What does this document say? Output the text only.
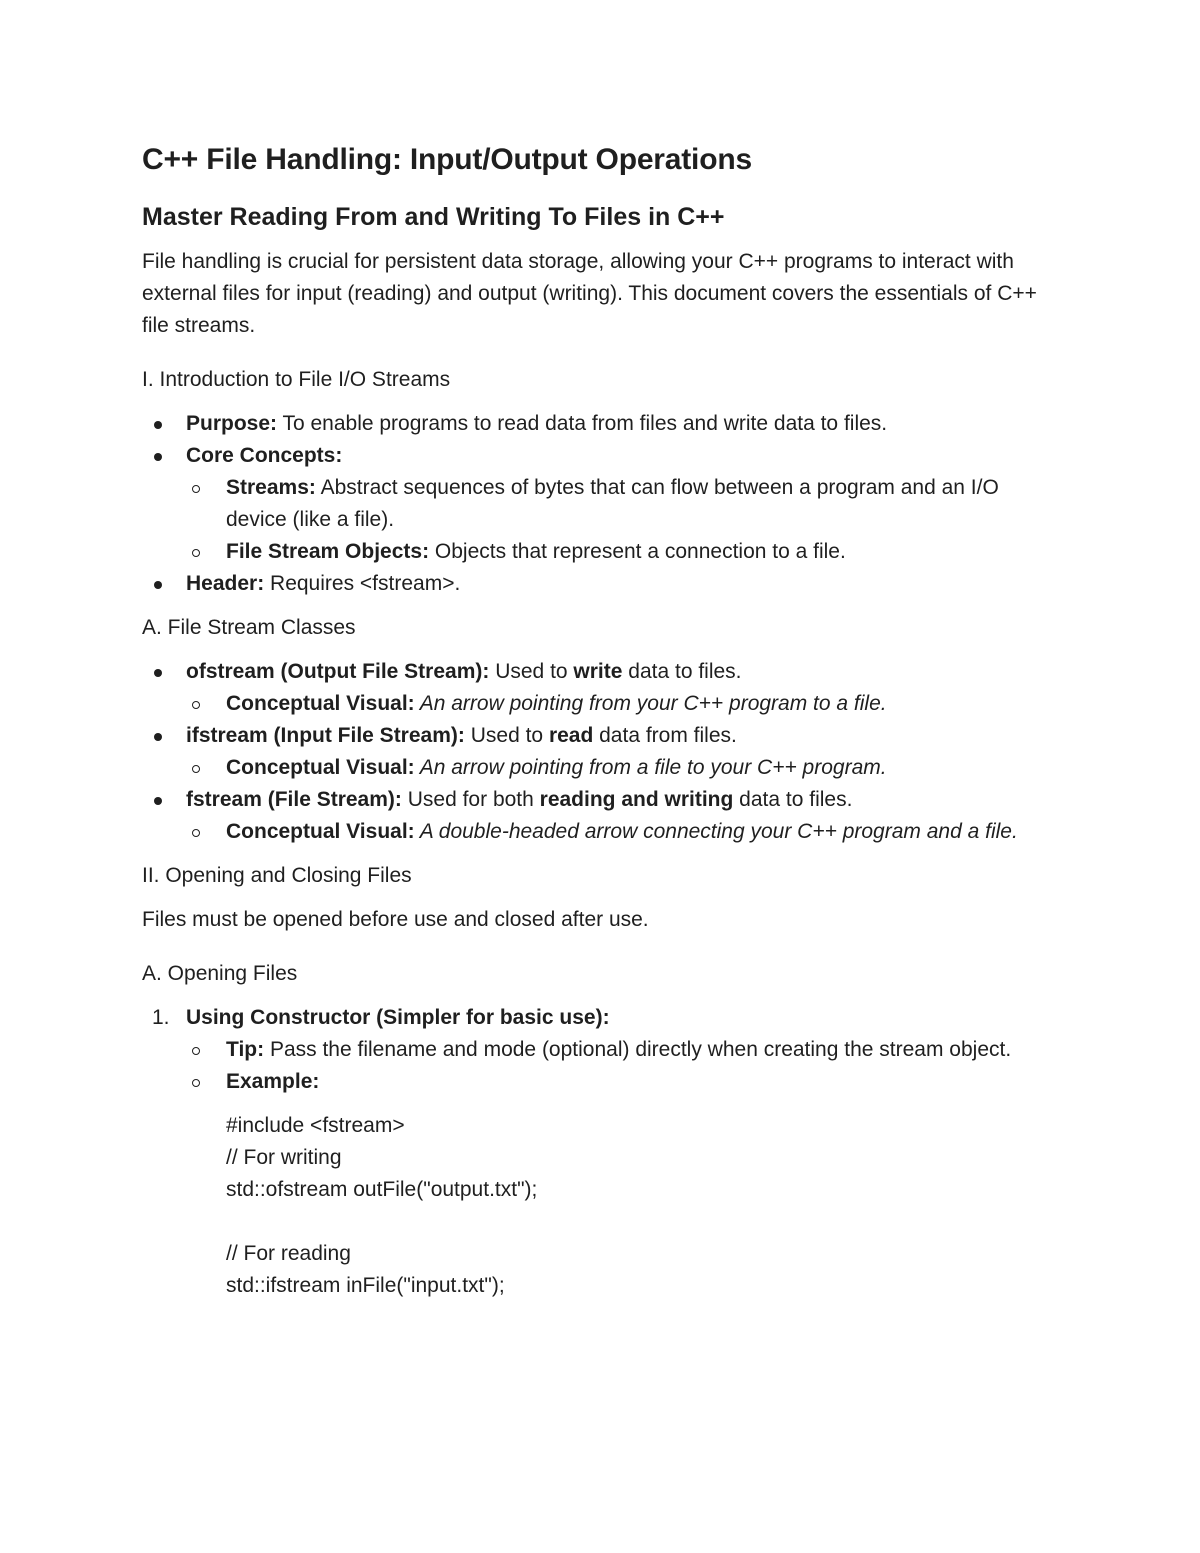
C++ File Handling: Input/Output Operations
Master Reading From and Writing To Files in C++

File handling is crucial for persistent data storage, allowing your C++ programs to interact with external files for input (reading) and output (writing). This document covers the essentials of C++ file streams.

I. Introduction to File I/O Streams
Purpose: To enable programs to read data from files and write data to files.
Core Concepts:
Streams: Abstract sequences of bytes that can flow between a program and an I/O device (like a file).
File Stream Objects: Objects that represent a connection to a file.
Header: Requires <fstream>.
A. File Stream Classes
ofstream (Output File Stream): Used to write data to files.
Conceptual Visual: An arrow pointing from your C++ program to a file.
ifstream (Input File Stream): Used to read data from files.
Conceptual Visual: An arrow pointing from a file to your C++ program.
fstream (File Stream): Used for both reading and writing data to files.
Conceptual Visual: A double-headed arrow connecting your C++ program and a file.
II. Opening and Closing Files

Files must be opened before use and closed after use.

A. Opening Files
1. Using Constructor (Simpler for basic use):
Tip: Pass the filename and mode (optional) directly when creating the stream object.
Example:
#include <fstream>
// For writing
std::ofstream outFile("output.txt");
// For reading
std::ifstream inFile("input.txt");
